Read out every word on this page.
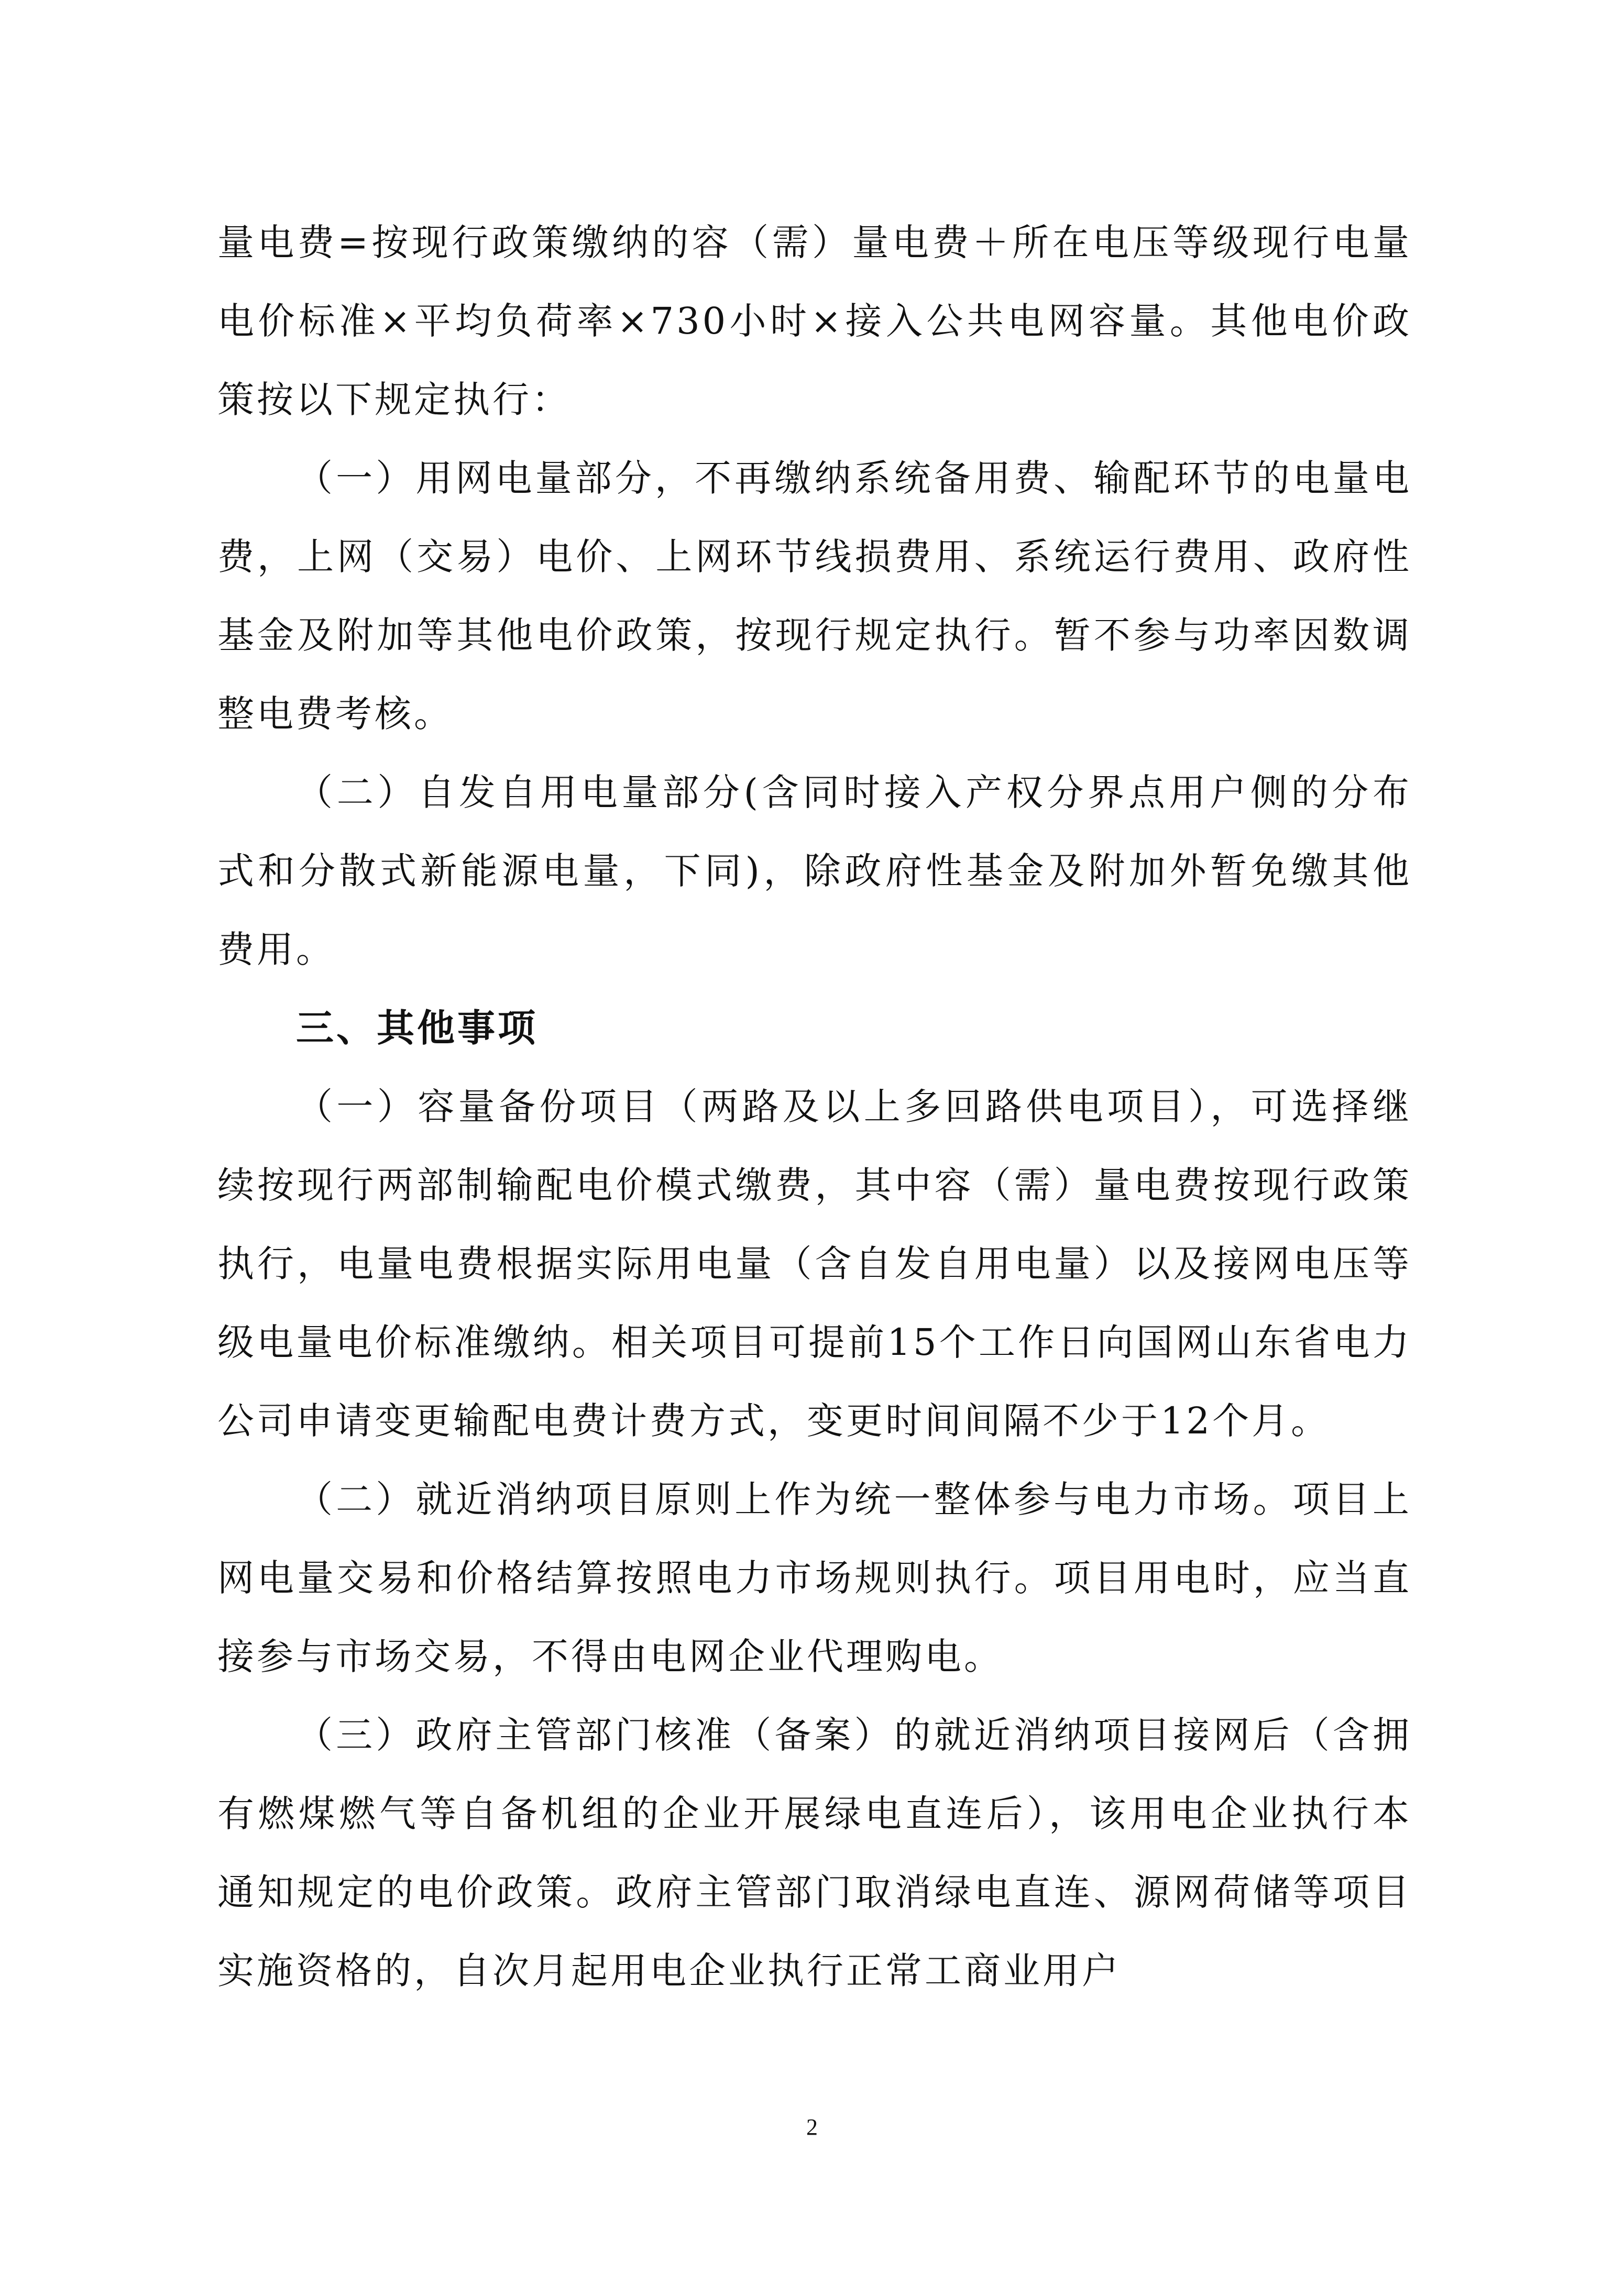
量电费=按现行政策缴纳的容（需）量电费＋所在电压等级现行电量电价标准×平均负荷率×730小时×接入公共电网容量。其他电价政策按以下规定执行：

（一）用网电量部分，不再缴纳系统备用费、输配环节的电量电费，上网（交易）电价、上网环节线损费用、系统运行费用、政府性基金及附加等其他电价政策，按现行规定执行。暂不参与功率因数调整电费考核。

（二）自发自用电量部分(含同时接入产权分界点用户侧的分布式和分散式新能源电量，下同)，除政府性基金及附加外暂免缴其他费用。

三、其他事项

（一）容量备份项目（两路及以上多回路供电项目），可选择继续按现行两部制输配电价模式缴费，其中容（需）量电费按现行政策执行，电量电费根据实际用电量（含自发自用电量）以及接网电压等级电量电价标准缴纳。相关项目可提前15个工作日向国网山东省电力公司申请变更输配电费计费方式，变更时间间隔不少于12个月。

（二）就近消纳项目原则上作为统一整体参与电力市场。项目上网电量交易和价格结算按照电力市场规则执行。项目用电时，应当直接参与市场交易，不得由电网企业代理购电。

（三）政府主管部门核准（备案）的就近消纳项目接网后（含拥有燃煤燃气等自备机组的企业开展绿电直连后），该用电企业执行本通知规定的电价政策。政府主管部门取消绿电直连、源网荷储等项目实施资格的，自次月起用电企业执行正常工商业用户

2
